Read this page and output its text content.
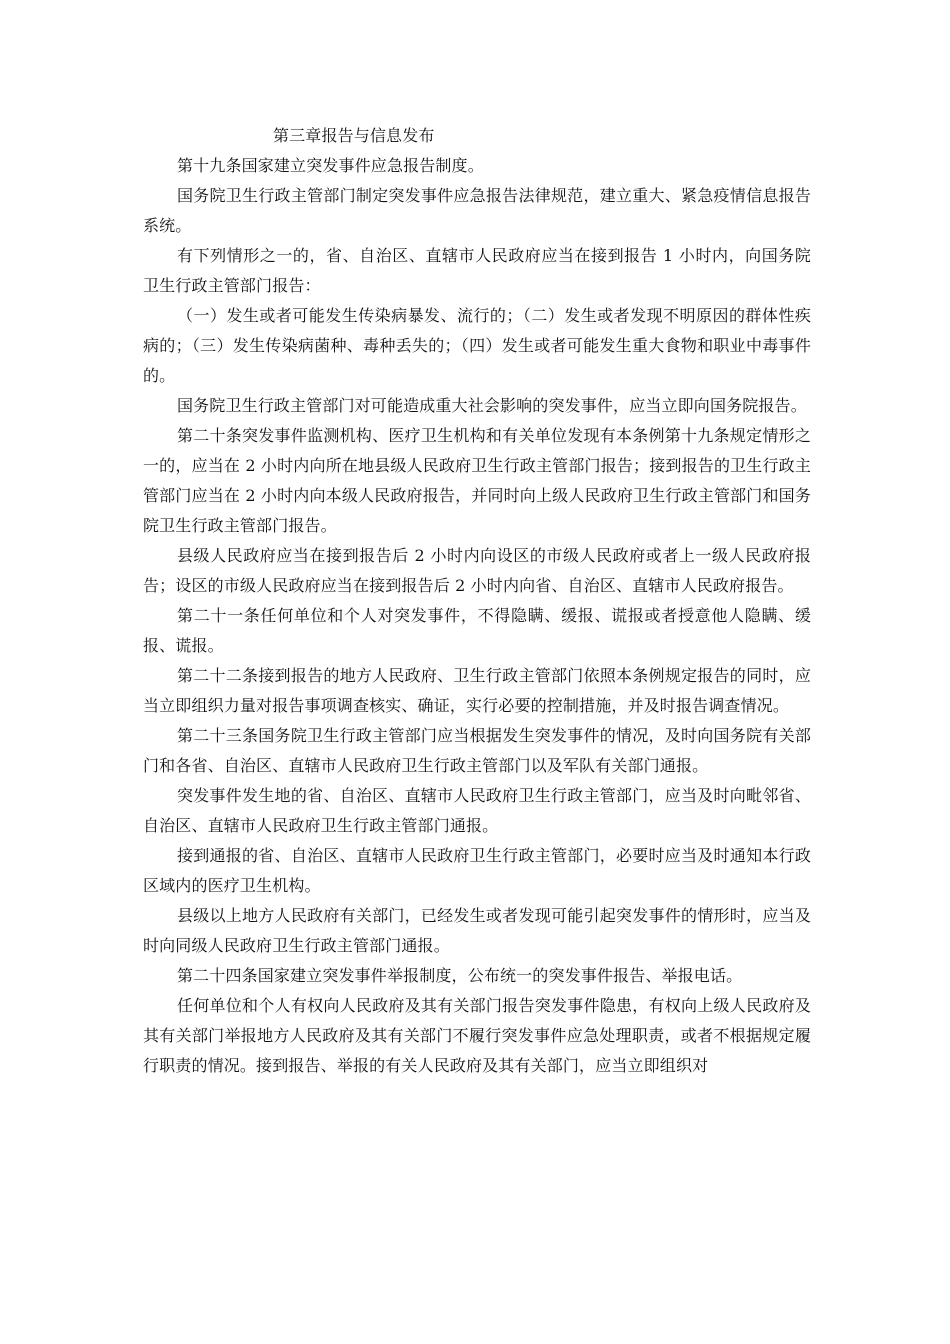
第三章报告与信息发布

第十九条国家建立突发事件应急报告制度。

国务院卫生行政主管部门制定突发事件应急报告法律规范，建立重大、紧急疫情信息报告系统。

有下列情形之一的，省、自治区、直辖市人民政府应当在接到报告 1 小时内，向国务院卫生行政主管部门报告：

（一）发生或者可能发生传染病暴发、流行的；（二）发生或者发现不明原因的群体性疾病的；（三）发生传染病菌种、毒种丢失的；（四）发生或者可能发生重大食物和职业中毒事件的。

国务院卫生行政主管部门对可能造成重大社会影响的突发事件，应当立即向国务院报告。

第二十条突发事件监测机构、医疗卫生机构和有关单位发现有本条例第十九条规定情形之一的，应当在 2 小时内向所在地县级人民政府卫生行政主管部门报告；接到报告的卫生行政主管部门应当在 2 小时内向本级人民政府报告，并同时向上级人民政府卫生行政主管部门和国务院卫生行政主管部门报告。

县级人民政府应当在接到报告后 2 小时内向设区的市级人民政府或者上一级人民政府报告；设区的市级人民政府应当在接到报告后 2 小时内向省、自治区、直辖市人民政府报告。

第二十一条任何单位和个人对突发事件，不得隐瞒、缓报、谎报或者授意他人隐瞒、缓报、谎报。

第二十二条接到报告的地方人民政府、卫生行政主管部门依照本条例规定报告的同时，应当立即组织力量对报告事项调查核实、确证，实行必要的控制措施，并及时报告调查情况。

第二十三条国务院卫生行政主管部门应当根据发生突发事件的情况，及时向国务院有关部门和各省、自治区、直辖市人民政府卫生行政主管部门以及军队有关部门通报。

突发事件发生地的省、自治区、直辖市人民政府卫生行政主管部门，应当及时向毗邻省、自治区、直辖市人民政府卫生行政主管部门通报。

接到通报的省、自治区、直辖市人民政府卫生行政主管部门，必要时应当及时通知本行政区域内的医疗卫生机构。

县级以上地方人民政府有关部门，已经发生或者发现可能引起突发事件的情形时，应当及时向同级人民政府卫生行政主管部门通报。

第二十四条国家建立突发事件举报制度，公布统一的突发事件报告、举报电话。

任何单位和个人有权向人民政府及其有关部门报告突发事件隐患，有权向上级人民政府及其有关部门举报地方人民政府及其有关部门不履行突发事件应急处理职责，或者不根据规定履行职责的情况。接到报告、举报的有关人民政府及其有关部门，应当立即组织对
